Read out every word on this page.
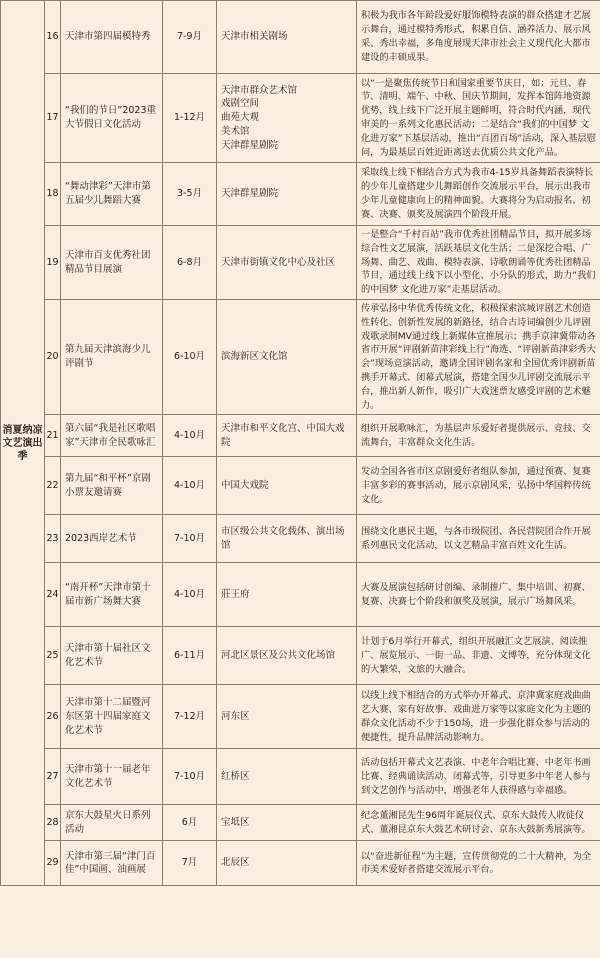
消夏纳凉文艺演出季	16	天津市第四届模特秀	7-9月	天津市相关剧场	积极为我市各年龄段爱好服饰模特表演的群众搭建才艺展示舞台，通过模特秀形式，积累自信、涵养活力、展示风采、秀出幸福，多角度展现天津市社会主义现代化大都市建设的丰硕成果。
	17	“我们的节日”2023重大节假日文化活动	1-12月	天津市群众艺术馆
戏剧空间
曲苑大观
美术馆
天津群星剧院	以“一是聚焦传统节日和国家重要节庆日，如：元旦、春节、清明、端午、中秋、国庆节期间，发挥本馆阵地资源优势，线上线下广泛开展主题鲜明，符合时代内涵，现代审美的一系列文化惠民活动；二是结合“我们的中国梦 文化进万家”下基层活动，推出“百团百场”活动，深入基层慰问，为最基层百姓近距离送去优质公共文化产品。
	18	“舞动津彩”天津市第五届少儿舞蹈大赛	3-5月	天津群星剧院	采取线上线下相结合方式为我市4-15岁具备舞蹈表演特长的少年儿童搭建少儿舞蹈创作交流展示平台，展示出我市少年儿童健康向上的精神面貌。大赛将分为启动报名、初赛、决赛、颁奖及展演四个阶段开展。
	19	天津市百支优秀社团精品节目展演	6-8月	天津市街镇文化中心及社区	一是整合“千村百站”我市优秀社团精品节目，拟开展多场综合性文艺展演，活跃基层文化生活；二是深挖合唱、广场舞、曲艺、戏曲、模特表演、诗歌朗诵等优秀社团精品节目，通过线上线下以小型化、小分队的形式，助力“我们的中国梦 文化进万家”走基层活动。
	20	第九届天津滨海少儿评剧节	6-10月	滨海新区文化馆	传承弘扬中华优秀传统文化，积极探索滨城评剧艺术创造性转化、创新性发展的新路径，结合古诗词编创少儿评剧戏歌录制MV通过线上新媒体宣推展示；携手京津冀带动各省市开展“评剧新苗津彩线上行”海选、“评剧新苗津彩秀大会”现场竞演活动，邀请全国评剧名家和全国优秀评剧新苗携手开幕式、闭幕式展演，搭建全国少儿评剧交流展示平台，推出新人新作，吸引广大戏迷票友感受评剧的艺术魅力。
	21	第六届“我是社区歌唱家”天津市全民歌咏汇	4-10月	天津市和平文化宫、中国大戏院	组织开展歌咏汇，为基层声乐爱好者提供展示、竞技、交流舞台，丰富群众文化生活。
	22	第九届“和平杯”京剧小票友邀请赛	4-10月	中国大戏院	发动全国各省市区京剧爱好者组队参加，通过预赛、复赛丰富多彩的赛事活动，展示京剧风采，弘扬中华国粹传统文化。
	23	2023西岸艺术节	7-10月	市区级公共文化载体、演出场馆	围绕文化惠民主题，与各市级院团、各民营院团合作开展系列惠民文化活动，以文艺精品丰富百姓文化生活。
	24	“南开杯”天津市第十届市新广场舞大赛	4-10月	莊王府	大赛及展演包括研讨创编、录制推广、集中培训、初赛、复赛、决赛七个阶段和颁奖及展演，展示广场舞风采。
	25	天津市第十届社区文化艺术节	6-11月	河北区景区及公共文化场馆	计划于6月举行开幕式，组织开展融汇文艺展演、阅读推广、展览展示、一街一品、非遗、文博等，充分体现文化的大繁荣，文旅的大融合。
	26	天津市第十二届暨河东区第十四届家庭文化艺术节	7-12月	河东区	以线上线下相结合的方式举办开幕式、京津冀家庭戏曲曲艺大赛、家有好故事、戏曲进万家等以家庭文化为主题的群众文化活动不少于150场，进一步强化群众参与活动的便捷性，提升品牌活动影响力。
	27	天津市第十一届老年文化艺术节	7-10月	红桥区	活动包括开幕式文艺表演、中老年合唱比赛、中老年书画比赛、经典诵读活动、闭幕式等，引导更多中年老人参与到文艺创作与活动中，增强老年人获得感与幸福感。
	28	京东大鼓星火日系列活动	6月	宝坻区	纪念董湘昆先生96周年诞辰仪式、京东大鼓传人收徒仪式、董湘昆京东大鼓艺术研讨会、京东大鼓新秀展演等。
	29	天津市第三届“津门百佳”中国画、油画展	7月	北辰区	以“奋进新征程”为主题，宣传贯彻党的二十大精神，为全市美术爱好者搭建交流展示平台。
